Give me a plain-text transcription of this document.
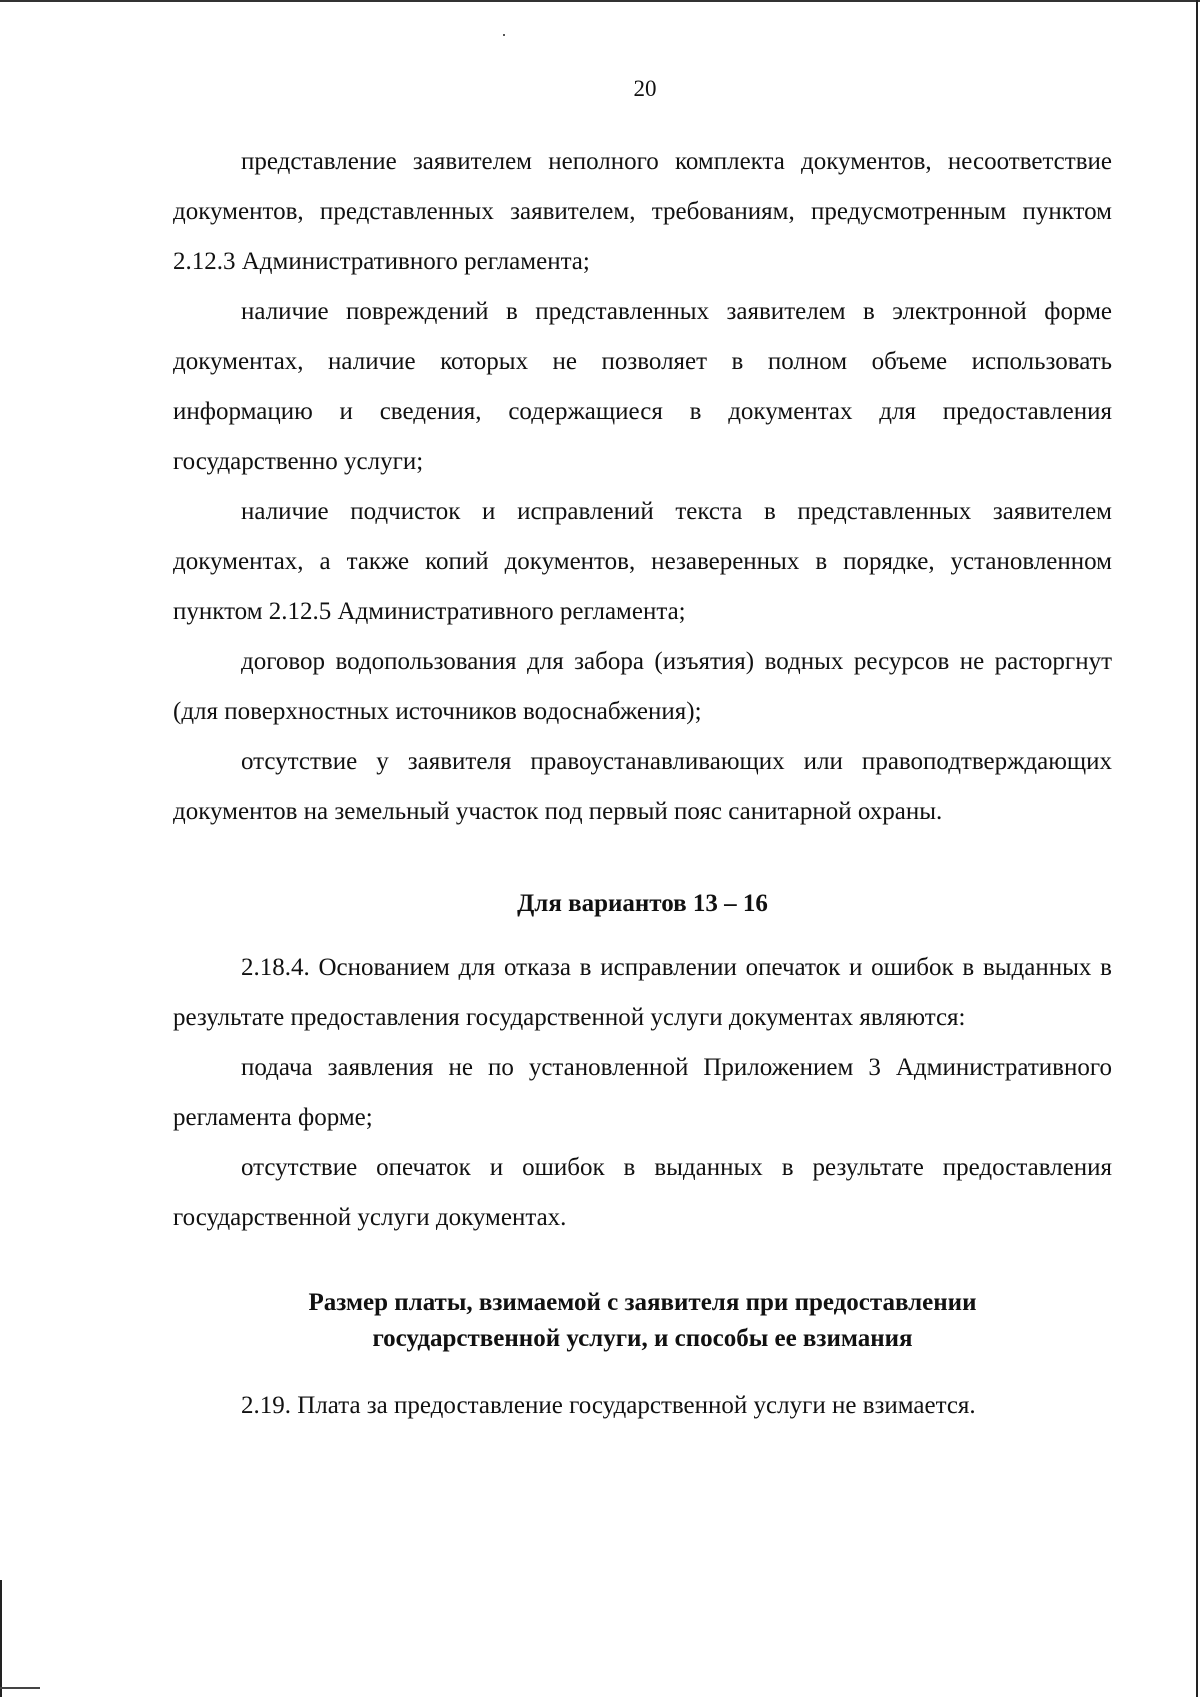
20

представление заявителем неполного комплекта документов, несоответствие документов, представленных заявителем, требованиям, предусмотренным пунктом 2.12.3 Административного регламента;

наличие повреждений в представленных заявителем в электронной форме документах, наличие которых не позволяет в полном объеме использовать информацию и сведения, содержащиеся в документах для предоставления государственно услуги;

наличие подчисток и исправлений текста в представленных заявителем документах, а также копий документов, незаверенных в порядке, установленном пунктом 2.12.5 Административного регламента;

договор водопользования для забора (изъятия) водных ресурсов не расторгнут (для поверхностных источников водоснабжения);

отсутствие у заявителя правоустанавливающих или правоподтверждающих документов на земельный участок под первый пояс санитарной охраны.

Для вариантов 13 – 16

2.18.4. Основанием для отказа в исправлении опечаток и ошибок в выданных в результате предоставления государственной услуги документах являются:

подача заявления не по установленной Приложением 3 Административного регламента форме;

отсутствие опечаток и ошибок в выданных в результате предоставления государственной услуги документах.

Размер платы, взимаемой с заявителя при предоставлении
государственной услуги, и способы ее взимания

2.19. Плата за предоставление государственной услуги не взимается.
